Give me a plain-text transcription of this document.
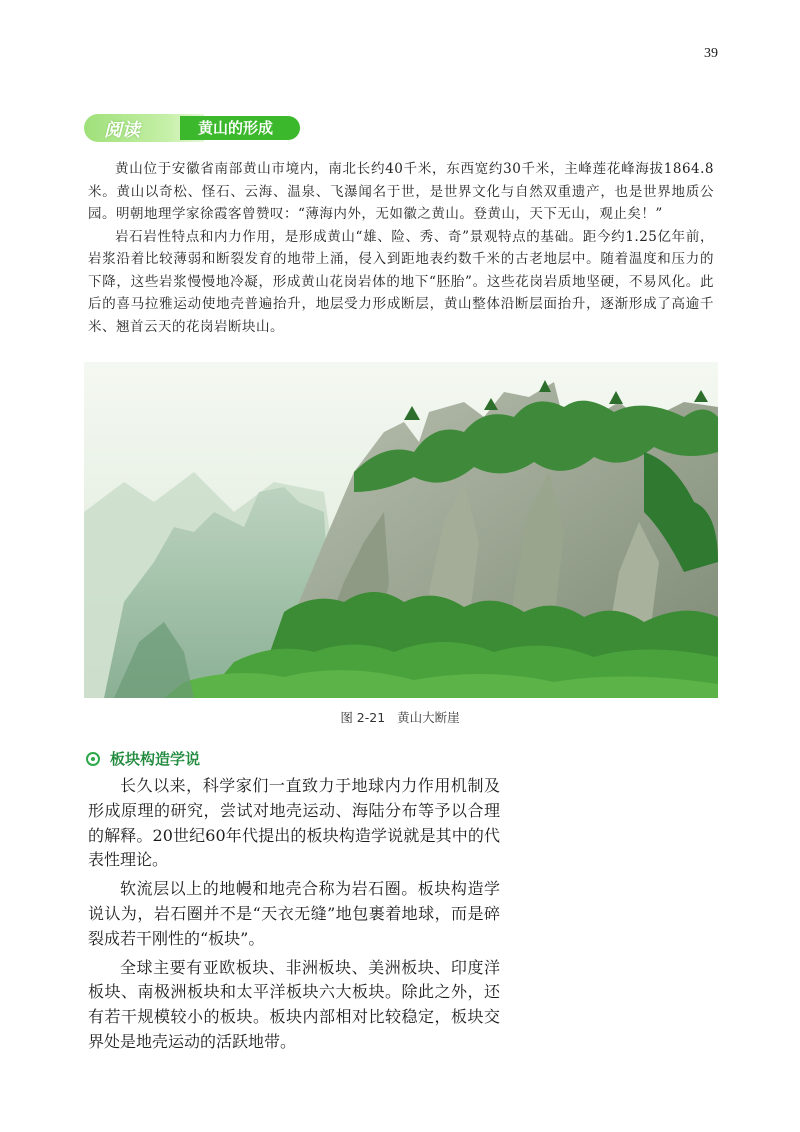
39
阅读	黄山的形成

黄山位于安徽省南部黄山市境内，南北长约40千米，东西宽约30千米，主峰莲花峰海拔1864.8米。黄山以奇松、怪石、云海、温泉、飞瀑闻名于世，是世界文化与自然双重遗产，也是世界地质公园。明朝地理学家徐霞客曾赞叹：“薄海内外，无如徽之黄山。登黄山，天下无山，观止矣！”

岩石岩性特点和内力作用，是形成黄山“雄、险、秀、奇”景观特点的基础。距今约1.25亿年前，岩浆沿着比较薄弱和断裂发育的地带上涌，侵入到距地表约数千米的古老地层中。随着温度和压力的下降，这些岩浆慢慢地冷凝，形成黄山花岗岩体的地下“胚胎”。这些花岗岩质地坚硬，不易风化。此后的喜马拉雅运动使地壳普遍抬升，地层受力形成断层，黄山整体沿断层面抬升，逐渐形成了高逾千米、翘首云天的花岗岩断块山。

图 2-21 黄山大断崖
板块构造学说

长久以来，科学家们一直致力于地球内力作用机制及形成原理的研究，尝试对地壳运动、海陆分布等予以合理的解释。20世纪60年代提出的板块构造学说就是其中的代表性理论。

软流层以上的地幔和地壳合称为岩石圈。板块构造学说认为，岩石圈并不是“天衣无缝”地包裹着地球，而是碎裂成若干刚性的“板块”。

全球主要有亚欧板块、非洲板块、美洲板块、印度洋板块、南极洲板块和太平洋板块六大板块。除此之外，还有若干规模较小的板块。板块内部相对比较稳定，板块交界处是地壳运动的活跃地带。
